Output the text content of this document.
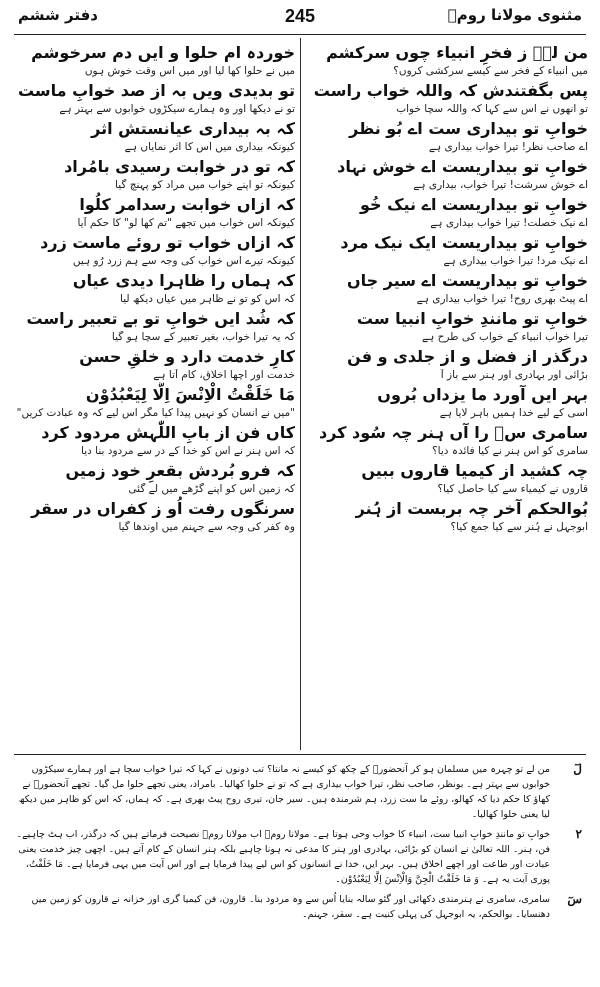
مثنوی مولانا رومؒ
245
دفتر ششم
من لےؔ ز فخرِ انبیاء چوں سرکشم
میں انبیاء کے فخر سے کیسے سرکشی کروں؟
پس بگفتندش کہ واللہ خواب راست
تو انھوں نے اُس سے کہا کہ واللہ سچا خواب
خوابِ تو بیداری ست اے بُو نظر
اے صاحب نظر! تیرا خواب بیداری ہے
خوابِ تو بیداریست اے خوش نہاد
اے خوش سرشت! تیرا خواب، بیداری ہے
خوابِ تو بیداریست اے نیک خُو
اے نیک خصلت! تیرا خواب بیداری ہے
خوابِ تو بیداریست ایک نیک مرد
اے نیک مرد! تیرا خواب بیداری ہے
خوابِ تو بیداریست اے سیر جاں
اے پیٹ بھری روح! تیرا خواب بیداری ہے
خوابِ تو مانندِ خوابِ انبیا ست
تیرا خواب انبیاء کے خواب کی طرح ہے
درگذر از فضل و از جلدی و فن
بڑائی اور بہادری اور ہنر سے باز آ
بہر ایں آورد ما یزداں بُروں
اسی کے لیے خدا ہمیں باہر لایا ہے
سامری سؔ را آں ہنر چہ سُود کرد
سامری کو اُس ہنر نے کیا فائدہ دیا؟
چہ کشید از کیمیا قاروں ببیں
قاروں نے کیمیاء سے کیا حاصل کیا؟
بُوالحکم آخر چہ بربست از ہُنر
ابوجہل نے ہُنر سے کیا جمع کیا؟
خوردہ ام حلوا و ایں دم سرخوشم
میں نے حلوا کھا لیا اور میں اس وقت خوش ہوں
تو بدیدی ویں بہ از صد خوابِ ماست
تو نے دیکھا اور وہ ہمارے سیکڑوں خوابوں سے بہتر ہے
کہ بہ بیداری عیانستش اثر
کیونکہ بیداری میں اُس کا اثر نمایاں ہے
کہ تو در خوابت رسیدی بامُراد
کیونکہ تو اپنے خواب میں مراد کو پہنچ گیا
کہ ازاں خوابت رسدامر کلُوا
کیونکہ اُس خواب میں تجھے "تم کھا لو" کا حکم آیا
کہ ازاں خواب تو روئے ماست زرد
کیونکہ تیرے اُس خواب کی وجہ سے ہم زرد رُو ہیں
کہ ہماں را ظاہرا دیدی عیاں
کہ اُس کو تو نے ظاہر میں عیاں دیکھ لیا
کہ شُد ایں خوابِ تو بے تعبیر راست
کہ یہ تیرا خواب، بغیر تعبیر کے سچا ہو گیا
کارِ خدمت دارد و خلقِ حسن
خدمت اور اچھا اخلاق، کام آتا ہے
مَا خَلَقْتُ الْاِنْسَ اِلَّا لِيَعْبُدُوْن
"میں نے انسان کو نہیں پیدا کیا مگر اس لیے کہ وہ عبادت کریں"
کاں فن از بابِ اللّٰہش مردود کرد
کہ اُس ہنر نے اُس کو خدا کے در سے مردود بنا دیا
کہ فرو بُردش بقعرِ خود زمیں
کہ زمین اُس کو اپنے گڑھے میں لے گئی
سرنگوں رفت اُو ز کفراں در سقر
وہ کفر کی وجہ سے جہنم میں اوندھا گیا
لٓ
من لے تو چہرہ میں مسلمان ہو کر آنحضورؐ کے چکھ کو کیسے نہ مانتا؟ تب دونوں نے کہا کہ تیرا خواب سچا ہے اور ہمارے سیکڑوں خوابوں سے بہتر ہے۔ بونظر، صاحب نظر، تیرا خواب بیداری ہے کہ تو نے حلوا کھالیا۔ بامراد، یعنی تجھے حلوا مل گیا۔ تجھے آنحضورؐ نے کھاؤ کا حکم دیا کہ کھالو، روئے ما ست زرد، ہم شرمندہ ہیں۔ سیر جان، تیری روح پیٹ بھری ہے۔ کہ ہماں، کہ اس کو ظاہر میں دیکھ لیا یعنی حلوا کھالیا۔
۲
خوابِ تو مانندِ خوابِ انبیا ست، انبیاء کا خواب وحی ہوتا ہے۔ مولانا رومؒ اب مولانا رومؒ نصیحت فرماتے ہیں کہ درگذر، اب ہٹ چاہیے۔ فن، ہنر۔ اللہ تعالیٰ نے انسان کو بڑائی، بہادری اور ہنر کا مدعی نہ ہونا چاہیے بلکہ ہنر انسان کے کام آتے ہیں۔ اچھی چیز خدمت یعنی عبادت اور طاعت اور اچھے اخلاق ہیں۔ بہر ایں، خدا نے انسانوں کو اس لیے پیدا فرمایا ہے اور اس آیت میں یہی فرمایا ہے۔ مَا خَلَقْتُ، پوری آیت یہ ہے۔ وَ مَا خَلَقْتُ الْجِنَّ وَالْاِنْسَ اِلَّا لِيَعْبُدُوْن۔
سٓ
سامری، سامری نے ہنرمندی دکھائی اور گئو سالہ بنایا اُس سے وہ مردود بنا۔ قارون، فن کیمیا گری اور خزانہ نے قارون کو زمین میں دھنسایا۔ بوالحکم، یہ ابوجہل کی پہلی کنیت ہے۔ سقر، جہنم۔
